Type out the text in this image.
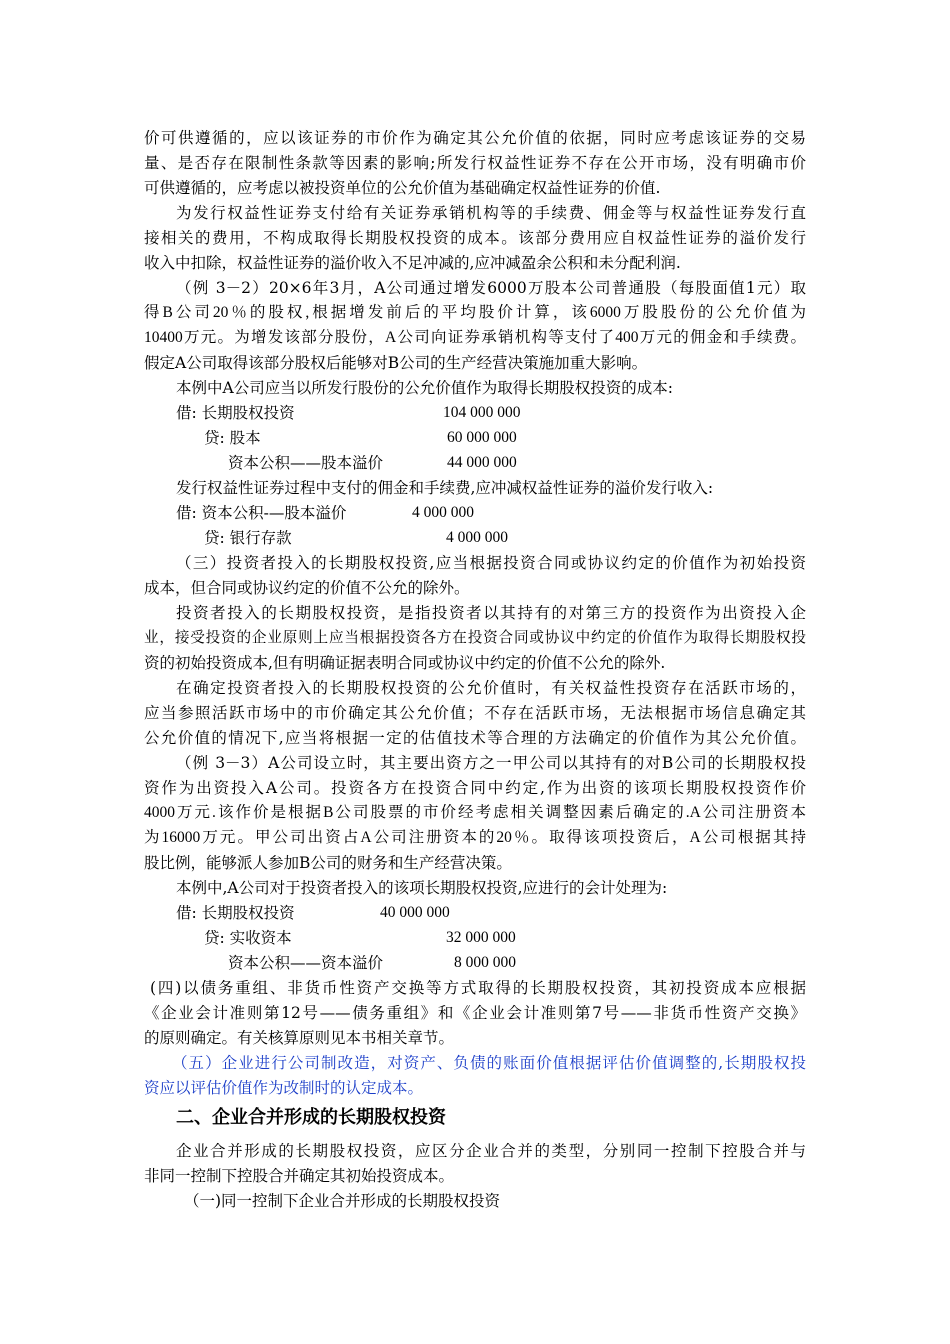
价可供遵循的，应以该证券的市价作为确定其公允价值的依据，同时应考虑该证券的交易
量、是否存在限制性条款等因素的影响;所发行权益性证券不存在公开市场，没有明确市价
可供遵循的，应考虑以被投资单位的公允价值为基础确定权益性证券的价值.
为发行权益性证券支付给有关证券承销机构等的手续费、佣金等与权益性证券发行直
接相关的费用，不构成取得长期股权投资的成本。该部分费用应自权益性证券的溢价发行
收入中扣除，权益性证券的溢价收入不足冲减的,应冲减盈余公积和未分配利润.
（例 3－2）20×6年3月，A公司通过增发6000万股本公司普通股（每股面值1元）取
得B公司20％的股权,根据增发前后的平均股价计算，该6000万股股份的公允价值为
10400万元。为增发该部分股份，A公司向证券承销机构等支付了400万元的佣金和手续费。
假定A公司取得该部分股权后能够对B公司的生产经营决策施加重大影响。
本例中A公司应当以所发行股份的公允价值作为取得长期股权投资的成本:
借: 长期股权投资	104 000 000
贷: 股本	60 000 000
资本公积——股本溢价	44 000 000
发行权益性证券过程中支付的佣金和手续费,应冲减权益性证券的溢价发行收入:
借: 资本公积-—股本溢价	4 000 000
贷: 银行存款	4 000 000
（三）投资者投入的长期股权投资,应当根据投资合同或协议约定的价值作为初始投资
成本，但合同或协议约定的价值不公允的除外。
投资者投入的长期股权投资，是指投资者以其持有的对第三方的投资作为出资投入企
业，接受投资的企业原则上应当根据投资各方在投资合同或协议中约定的价值作为取得长期股权投
资的初始投资成本,但有明确证据表明合同或协议中约定的价值不公允的除外.
在确定投资者投入的长期股权投资的公允价值时，有关权益性投资存在活跃市场的，
应当参照活跃市场中的市价确定其公允价值；不存在活跃市场，无法根据市场信息确定其
公允价值的情况下,应当将根据一定的估值技术等合理的方法确定的价值作为其公允价值。
（例 3－3）A公司设立时，其主要出资方之一甲公司以其持有的对B公司的长期股权投
资作为出资投入A公司。投资各方在投资合同中约定,作为出资的该项长期股权投资作价
4000万元.该作价是根据B公司股票的市价经考虑相关调整因素后确定的.A公司注册资本
为16000万元。甲公司出资占A公司注册资本的20％。取得该项投资后，A公司根据其持
股比例，能够派人参加B公司的财务和生产经营决策。
本例中,A公司对于投资者投入的该项长期股权投资,应进行的会计处理为:
借: 长期股权投资	40 000 000
贷: 实收资本	32 000 000
资本公积——资本溢价	8 000 000
(四)以债务重组、非货币性资产交换等方式取得的长期股权投资，其初投资成本应根据
《企业会计准则第12号——债务重组》和《企业会计准则第7号——非货币性资产交换》
的原则确定。有关核算原则见本书相关章节。
（五）企业进行公司制改造，对资产、负债的账面价值根据评估价值调整的,长期股权投
资应以评估价值作为改制时的认定成本。
二、企业合并形成的长期股权投资
企业合并形成的长期股权投资，应区分企业合并的类型，分别同一控制下控股合并与
非同一控制下控股合并确定其初始投资成本。
（一)同一控制下企业合并形成的长期股权投资
